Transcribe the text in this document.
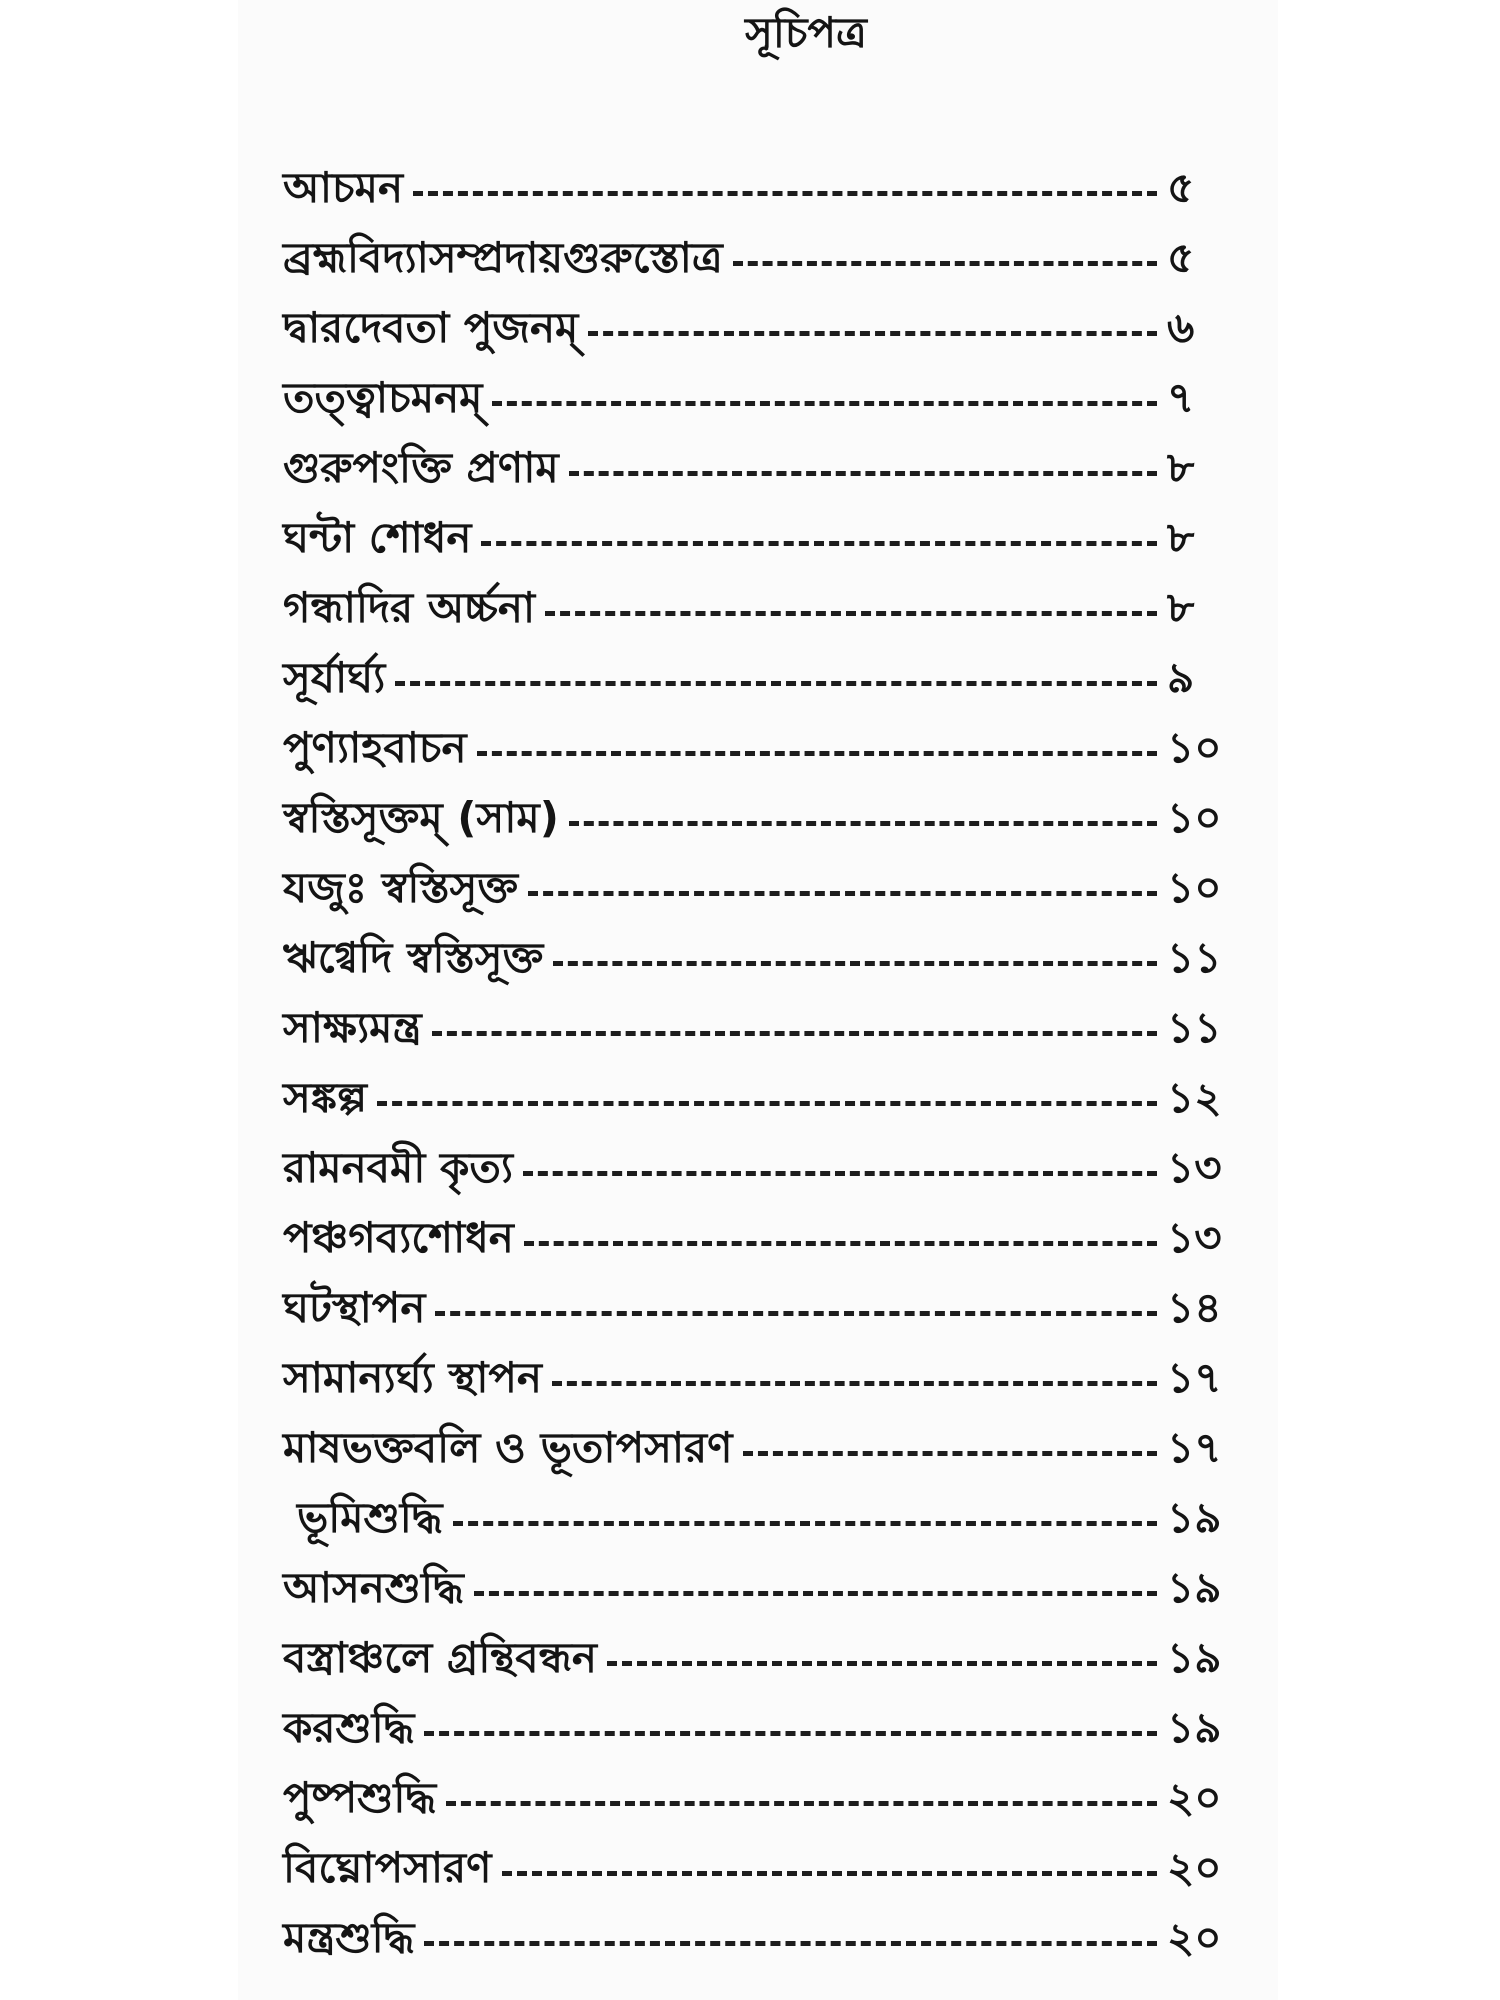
সূচিপত্র
আচমন	৫
ব্রহ্মবিদ্যাসম্প্রদায়গুরুস্তোত্র	৫
দ্বারদেবতা পুজনম্	৬
তত্ত্বাচমনম্	৭
গুরুপংক্তি প্রণাম	৮
ঘন্টা শোধন	৮
গন্ধাদির অর্চ্চনা	৮
সূর্যার্ঘ্য	৯
পুণ্যাহবাচন	১০
স্বস্তিসূক্তম্ (সাম)	১০
যজুঃ স্বস্তিসূক্ত	১০
ঋগ্বেদি স্বস্তিসূক্ত	১১
সাক্ষ্যমন্ত্র	১১
সঙ্কল্প	১২
রামনবমী কৃত্য	১৩
পঞ্চগব্যশোধন	১৩
ঘটস্থাপন	১৪
সামান্যর্ঘ্য স্থাপন	১৭
মাষভক্তবলি ও ভূতাপসারণ	১৭
ভূমিশুদ্ধি	১৯
আসনশুদ্ধি	১৯
বস্ত্রাঞ্চলে গ্রন্থিবন্ধন	১৯
করশুদ্ধি	১৯
পুষ্পশুদ্ধি	২০
বিঘ্নোপসারণ	২০
মন্ত্রশুদ্ধি	২০
